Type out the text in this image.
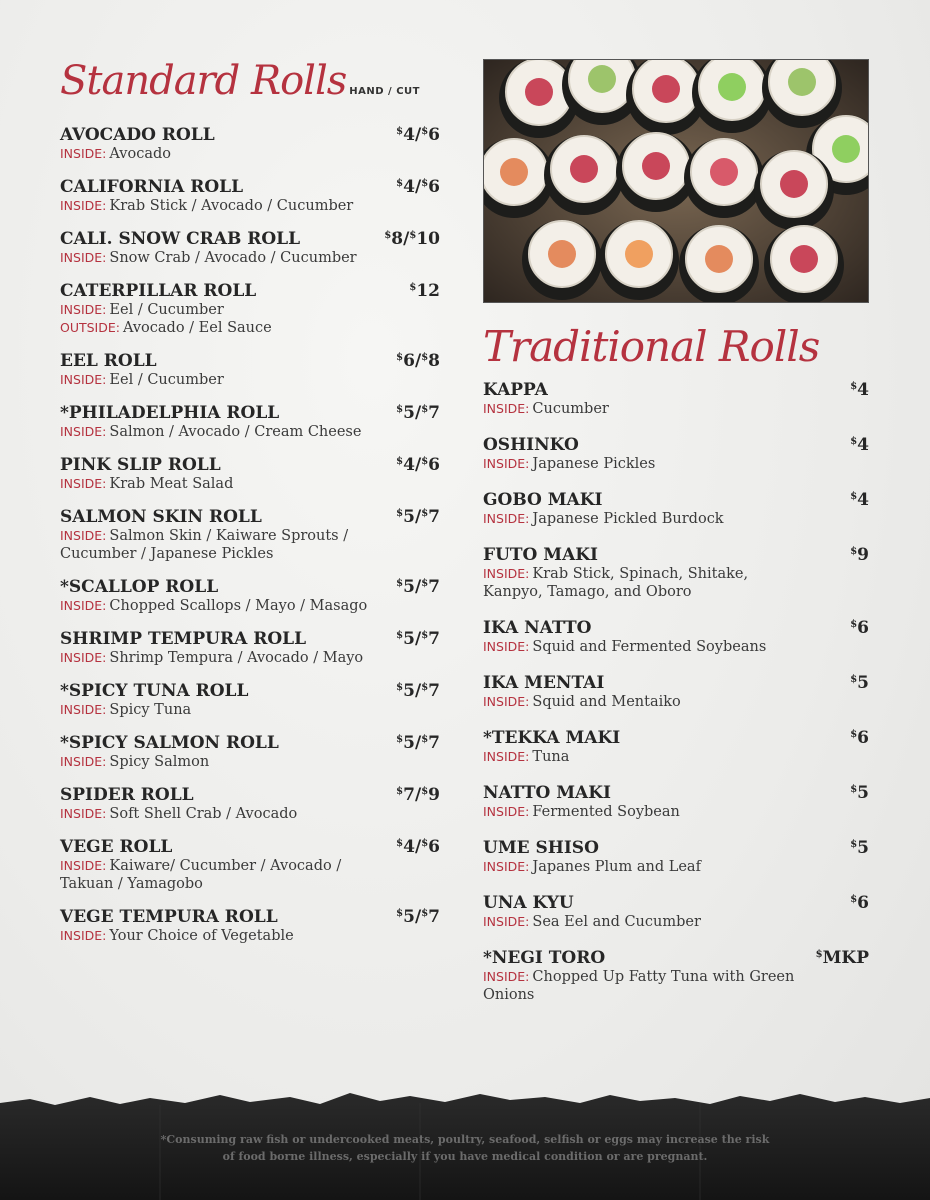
Standard Rolls HAND / CUT
AVOCADO ROLL	$4/$6
INSIDE: Avocado
CALIFORNIA ROLL	$4/$6
INSIDE: Krab Stick / Avocado / Cucumber
CALI. SNOW CRAB ROLL	$8/$10
INSIDE: Snow Crab / Avocado / Cucumber
CATERPILLAR ROLL	$12
INSIDE: Eel / Cucumber
OUTSIDE: Avocado / Eel Sauce
EEL ROLL	$6/$8
INSIDE: Eel / Cucumber
*PHILADELPHIA ROLL	$5/$7
INSIDE: Salmon / Avocado / Cream Cheese
PINK SLIP ROLL	$4/$6
INSIDE: Krab Meat Salad
SALMON SKIN ROLL	$5/$7
INSIDE: Salmon Skin / Kaiware Sprouts / Cucumber / Japanese Pickles
*SCALLOP ROLL	$5/$7
INSIDE: Chopped Scallops / Mayo / Masago
SHRIMP TEMPURA ROLL	$5/$7
INSIDE: Shrimp Tempura / Avocado / Mayo
*SPICY TUNA ROLL	$5/$7
INSIDE: Spicy Tuna
*SPICY SALMON ROLL	$5/$7
INSIDE: Spicy Salmon
SPIDER ROLL	$7/$9
INSIDE: Soft Shell Crab / Avocado
VEGE ROLL	$4/$6
INSIDE: Kaiware/ Cucumber / Avocado / Takuan / Yamagobo
VEGE TEMPURA ROLL	$5/$7
INSIDE: Your Choice of Vegetable
Traditional Rolls
KAPPA	$4
INSIDE: Cucumber
OSHINKO	$4
INSIDE: Japanese Pickles
GOBO MAKI	$4
INSIDE: Japanese Pickled Burdock
FUTO MAKI	$9
INSIDE: Krab Stick, Spinach, Shitake, Kanpyo, Tamago, and Oboro
IKA NATTO	$6
INSIDE: Squid and Fermented Soybeans
IKA MENTAI	$5
INSIDE: Squid and Mentaiko
*TEKKA MAKI	$6
INSIDE: Tuna
NATTO MAKI	$5
INSIDE: Fermented Soybean
UME SHISO	$5
INSIDE: Japanes Plum and Leaf
UNA KYU	$6
INSIDE: Sea Eel and Cucumber
*NEGI TORO	$MKP
INSIDE: Chopped Up Fatty Tuna with Green Onions
*Consuming raw fish or undercooked meats, poultry, seafood, selfish or eggs may increase the risk
of food borne illness, especially if you have medical condition or are pregnant.
